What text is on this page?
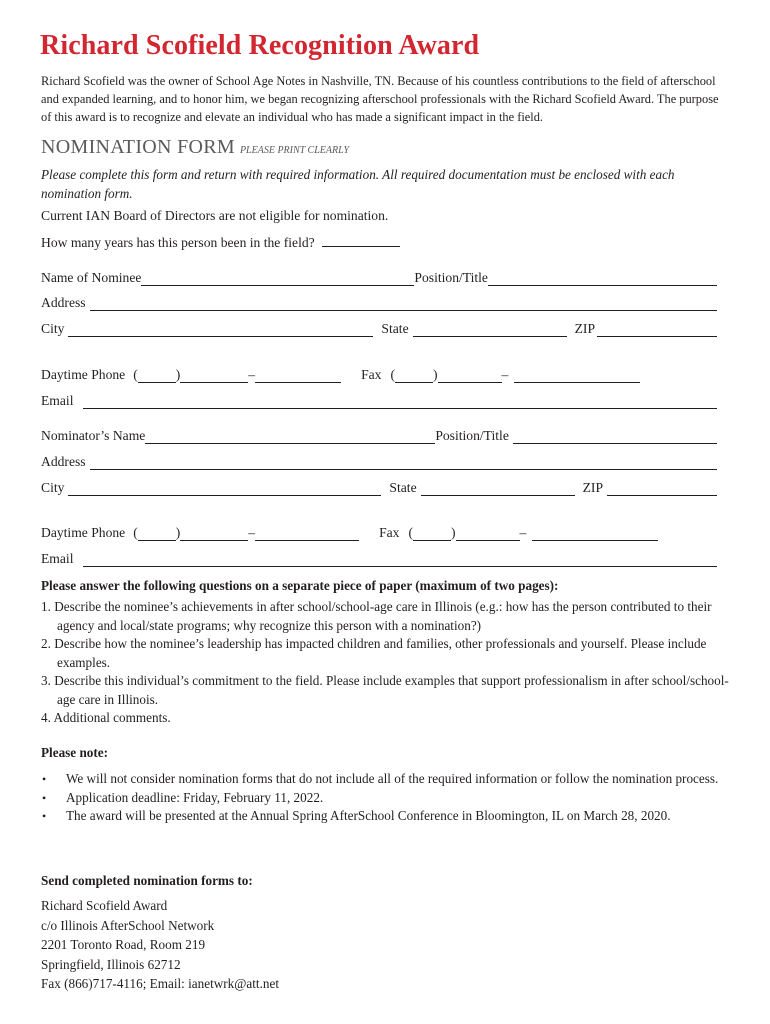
Richard Scofield Recognition Award

Richard Scofield was the owner of School Age Notes in Nashville, TN. Because of his countless contributions to the field of afterschool and expanded learning, and to honor him, we began recognizing afterschool professionals with the Richard Scofield Award. The purpose of this award is to recognize and elevate an individual who has made a significant impact in the field.

NOMINATION FORM PLEASE PRINT CLEARLY

Please complete this form and return with required information. All required documentation must be enclosed with each nomination form.

Current IAN Board of Directors are not eligible for nomination.
How many years has this person been in the field?
Name of Nominee	Position/Title
Address
City	State	ZIP
Daytime Phone (	)	–	Fax (	)	–
Email
Nominator’s Name	Position/Title
Address
City	State	ZIP
Daytime Phone (	)	–	Fax (	)	–
Email
Please answer the following questions on a separate piece of paper (maximum of two pages):
1. Describe the nominee’s achievements in after school/school-age care in Illinois (e.g.: how has the person contributed to their agency and local/state programs; why recognize this person with a nomination?)
2. Describe how the nominee’s leadership has impacted children and families, other professionals and yourself. Please include examples.
3. Describe this individual’s commitment to the field. Please include examples that support professionalism in after school/school-age care in Illinois.
4. Additional comments.
Please note:
• We will not consider nomination forms that do not include all of the required information or follow the nomination process.
• Application deadline: Friday, February 11, 2022.
• The award will be presented at the Annual Spring AfterSchool Conference in Bloomington, IL on March 28, 2020.
Send completed nomination forms to:
Richard Scofield Award
c/o Illinois AfterSchool Network
2201 Toronto Road, Room 219
Springfield, Illinois 62712
Fax (866)717-4116; Email: ianetwrk@att.net
